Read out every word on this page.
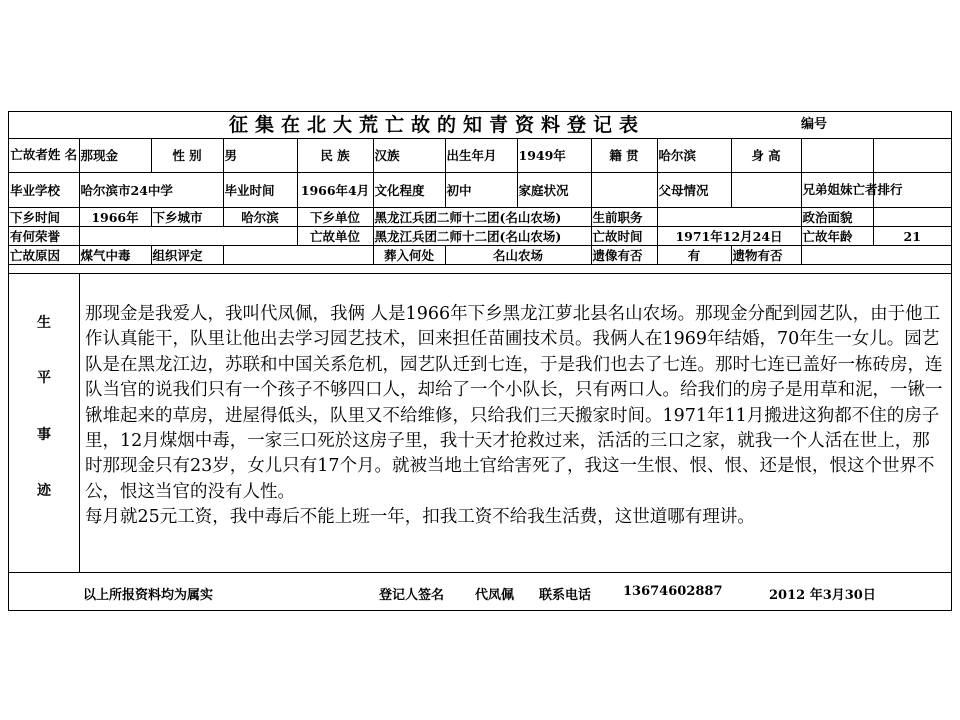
征集在北大荒亡故的知青资料登记表	编号
亡故者姓 名	那现金	性 别	男	民 族	汉族	出生年月	1949年	籍 贯	哈尔滨	身 高		
毕业学校	哈尔滨市24中学		毕业时间	1966年4月	文化程度	初中	家庭状况		父母情况		兄弟姐妹亡者排行	
下乡时间	1966年	下乡城市	哈尔滨	下乡单位	黑龙江兵团二师十二团(名山农场)			生前职务			政治面貌	
有何荣誉				亡故单位	黑龙江兵团二师十二团(名山农场)			亡故时间	1971年12月24日		亡故年龄	21
亡故原因	煤气中毒	组织评定			葬入何处	名山农场		遗像有否	有	遗物有否		
生
平
事
迹

那现金是我爱人，我叫代凤佩，我俩 人是1966年下乡黑龙江萝北县名山农场。那现金分配到园艺队，由于他工作认真能干，队里让他出去学习园艺技术，回来担任苗圃技术员。我俩人在1969年结婚，70年生一女儿。园艺队是在黑龙江边，苏联和中国关系危机，园艺队迁到七连，于是我们也去了七连。那时七连已盖好一栋砖房，连队当官的说我们只有一个孩子不够四口人，却给了一个小队长，只有两口人。给我们的房子是用草和泥，一锹一锹堆起来的草房，进屋得低头，队里又不给维修，只给我们三天搬家时间。1971年11月搬进这狗都不住的房子里，12月煤烟中毒，一家三口死於这房子里，我十天才抢救过来，活活的三口之家，就我一个人活在世上，那时那现金只有23岁，女儿只有17个月。就被当地土官给害死了，我这一生恨、恨、恨、还是恨，恨这个世界不公，恨这当官的没有人性。

每月就25元工资，我中毒后不能上班一年，扣我工资不给我生活费，这世道哪有理讲。

以上所报资料均为属实	登记人签名 代凤佩 联系电话 13674602887	2012 年3月30日
